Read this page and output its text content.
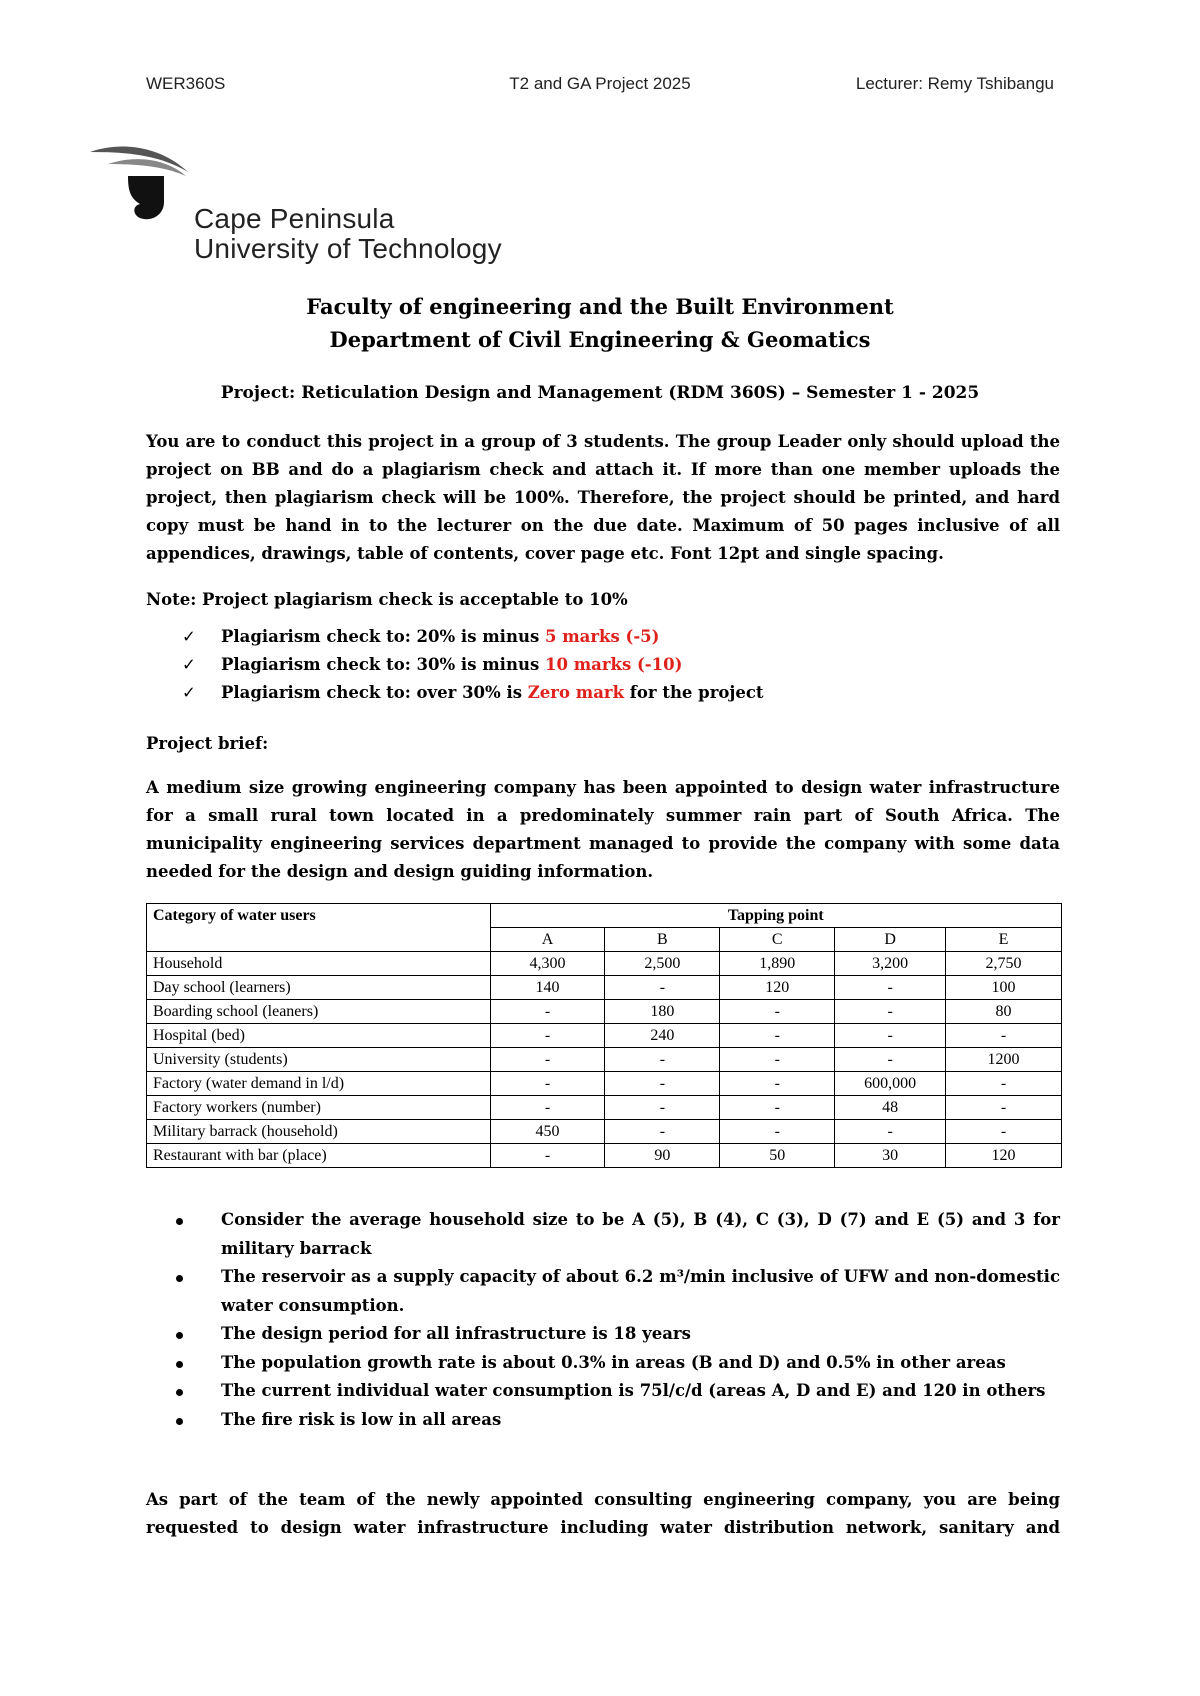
WER360S	T2 and GA Project 2025	Lecturer: Remy Tshibangu
Cape Peninsula
University of Technology
Faculty of engineering and the Built Environment
Department of Civil Engineering & Geomatics
Project: Reticulation Design and Management (RDM 360S) – Semester 1 - 2025
You are to conduct this project in a group of 3 students. The group Leader only should upload the project on BB and do a plagiarism check and attach it. If more than one member uploads the project, then plagiarism check will be 100%. Therefore, the project should be printed, and hard copy must be hand in to the lecturer on the due date. Maximum of 50 pages inclusive of all appendices, drawings, table of contents, cover page etc. Font 12pt and single spacing.
Note: Project plagiarism check is acceptable to 10%
✓ Plagiarism check to: 20% is minus 5 marks (-5)
✓ Plagiarism check to: 30% is minus 10 marks (-10)
✓ Plagiarism check to: over 30% is Zero mark for the project
Project brief:
A medium size growing engineering company has been appointed to design water infrastructure for a small rural town located in a predominately summer rain part of South Africa. The municipality engineering services department managed to provide the company with some data needed for the design and design guiding information.
Category of water users	Tapping point				
	A	B	C	D	E
Household	4,300	2,500	1,890	3,200	2,750
Day school (learners)	140	-	120	-	100
Boarding school (leaners)	-	180	-	-	80
Hospital (bed)	-	240	-	-	-
University (students)	-	-	-	-	1200
Factory (water demand in l/d)	-	-	-	600,000	-
Factory workers (number)	-	-	-	48	-
Military barrack (household)	450	-	-	-	-
Restaurant with bar (place)	-	90	50	30	120
Consider the average household size to be A (5), B (4), C (3), D (7) and E (5) and 3 for military barrack
The reservoir as a supply capacity of about 6.2 m³/min inclusive of UFW and non-domestic water consumption.
The design period for all infrastructure is 18 years
The population growth rate is about 0.3% in areas (B and D) and 0.5% in other areas
The current individual water consumption is 75l/c/d (areas A, D and E) and 120 in others
The fire risk is low in all areas
As part of the team of the newly appointed consulting engineering company, you are being requested to design water infrastructure including water distribution network, sanitary and
